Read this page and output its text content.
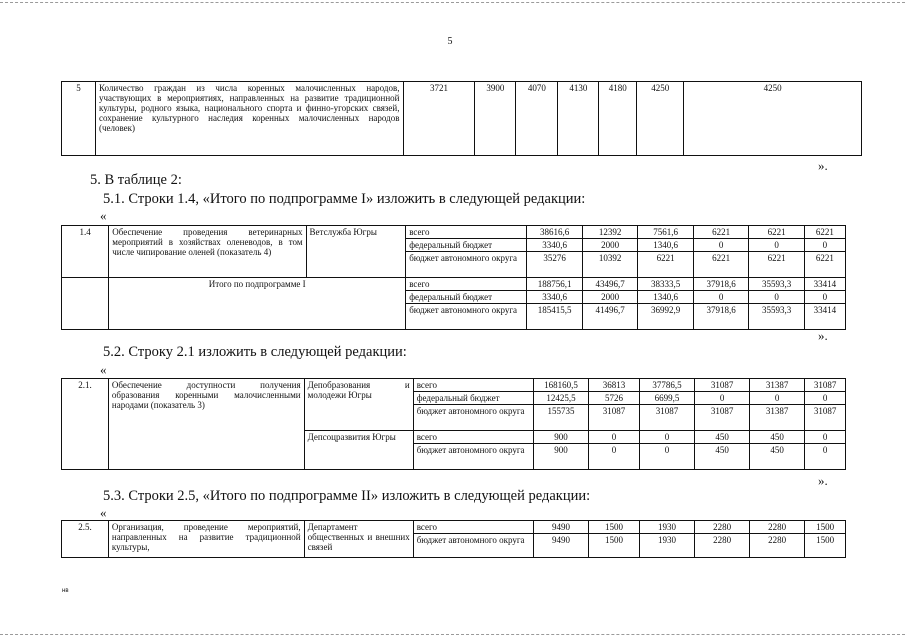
5
5	Количество граждан из числа коренных малочисленных народов, участвующих в мероприятиях, направленных на развитие традиционной культуры, родного языка, национального спорта и финно-угорских связей, сохранение культурного наследия коренных малочисленных народов (человек)	3721	3900	4070	4130	4180	4250	4250
».
5. В таблице 2:
5.1. Строки 1.4, «Итого по подпрограмме I» изложить в следующей редакции:
«
1.4	Обеспечение проведения ветеринарных мероприятий в хозяйствах оленеводов, в том числе чипирование оленей (показатель 4)	Ветслужба Югры	всего	38616,6	12392	7561,6	6221	6221	6221
			федеральный бюджет	3340,6	2000	1340,6	0	0	0
			бюджет автономного округа	35276	10392	6221	6221	6221	6221
	Итого по подпрограмме I		всего	188756,1	43496,7	38333,5	37918,6	35593,3	33414
			федеральный бюджет	3340,6	2000	1340,6	0	0	0
			бюджет автономного округа	185415,5	41496,7	36992,9	37918,6	35593,3	33414
».
5.2. Строку 2.1 изложить в следующей редакции:
«
2.1.	Обеспечение доступности получения образования коренными малочисленными народами (показатель 3)	Депобразования и молодежи Югры	всего	168160,5	36813	37786,5	31087	31387	31087
			федеральный бюджет	12425,5	5726	6699,5	0	0	0
			бюджет автономного округа	155735	31087	31087	31087	31387	31087
		Депсоцразвития Югры	всего	900	0	0	450	450	0
			бюджет автономного округа	900	0	0	450	450	0
».
5.3. Строки 2.5, «Итого по подпрограмме II» изложить в следующей редакции:
«
2.5.	Организация, проведение мероприятий, направленных на развитие традиционной культуры,	Департамент общественных и внешних связей	всего	9490	1500	1930	2280	2280	1500
			бюджет автономного округа	9490	1500	1930	2280	2280	1500
нв
